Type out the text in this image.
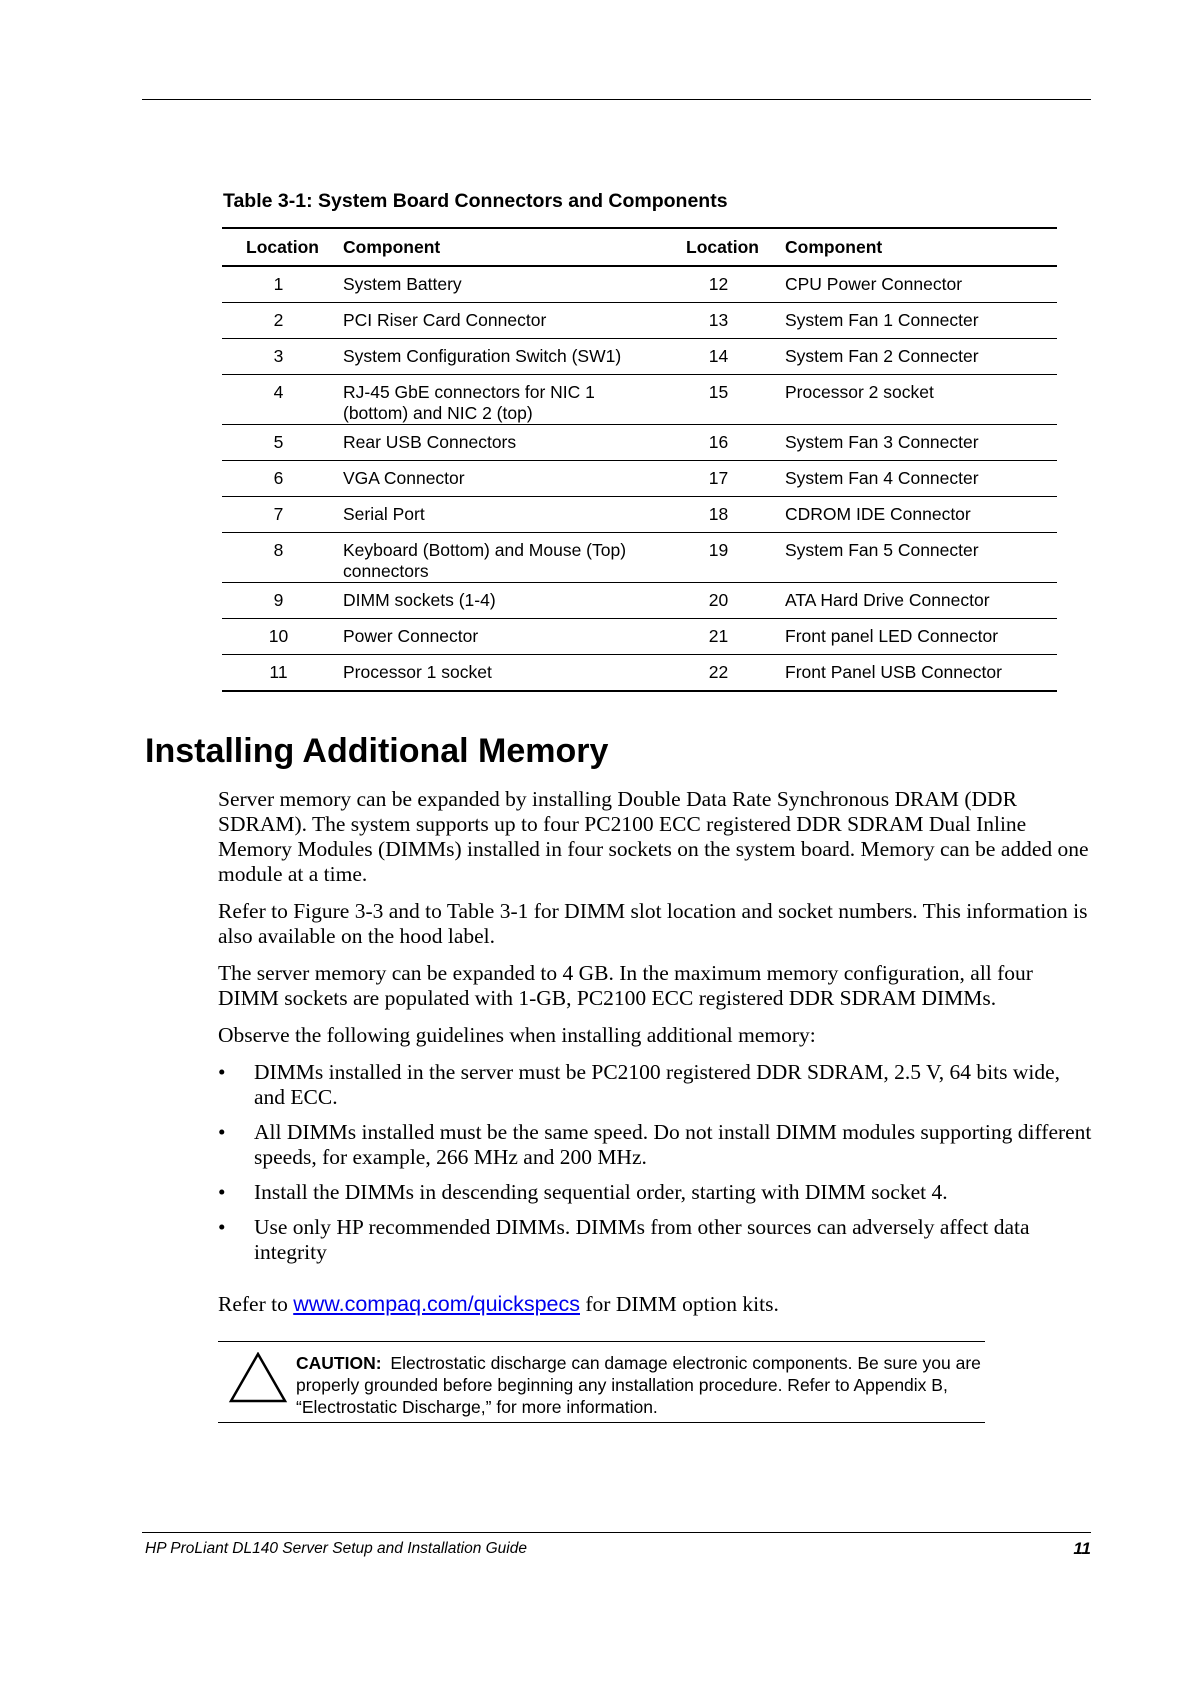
Table 3-1: System Board Connectors and Components
Location	Component	Location	Component
1	System Battery	12	CPU Power Connector
2	PCI Riser Card Connector	13	System Fan 1 Connecter
3	System Configuration Switch (SW1)	14	System Fan 2 Connecter
4	RJ-45 GbE connectors for NIC 1 (bottom) and NIC 2 (top)	15	Processor 2 socket
5	Rear USB Connectors	16	System Fan 3 Connecter
6	VGA Connector	17	System Fan 4 Connecter
7	Serial Port	18	CDROM IDE Connector
8	Keyboard (Bottom) and Mouse (Top) connectors	19	System Fan 5 Connecter
9	DIMM sockets (1-4)	20	ATA Hard Drive Connector
10	Power Connector	21	Front panel LED Connector
11	Processor 1 socket	22	Front Panel USB Connector
Installing Additional Memory

Server memory can be expanded by installing Double Data Rate Synchronous DRAM (DDR SDRAM). The system supports up to four PC2100 ECC registered DDR SDRAM Dual Inline Memory Modules (DIMMs) installed in four sockets on the system board. Memory can be added one module at a time.

Refer to Figure 3-3 and to Table 3-1 for DIMM slot location and socket numbers. This information is also available on the hood label.

The server memory can be expanded to 4 GB. In the maximum memory configuration, all four DIMM sockets are populated with 1-GB, PC2100 ECC registered DDR SDRAM DIMMs.

Observe the following guidelines when installing additional memory:

• DIMMs installed in the server must be PC2100 registered DDR SDRAM, 2.5 V, 64 bits wide, and ECC.
• All DIMMs installed must be the same speed. Do not install DIMM modules supporting different speeds, for example, 266 MHz and 200 MHz.
• Install the DIMMs in descending sequential order, starting with DIMM socket 4.
• Use only HP recommended DIMMs. DIMMs from other sources can adversely affect data integrity

Refer to www.compaq.com/quickspecs for DIMM option kits.

CAUTION: Electrostatic discharge can damage electronic components. Be sure you are properly grounded before beginning any installation procedure. Refer to Appendix B, “Electrostatic Discharge,” for more information.
HP ProLiant DL140 Server Setup and Installation Guide	11
